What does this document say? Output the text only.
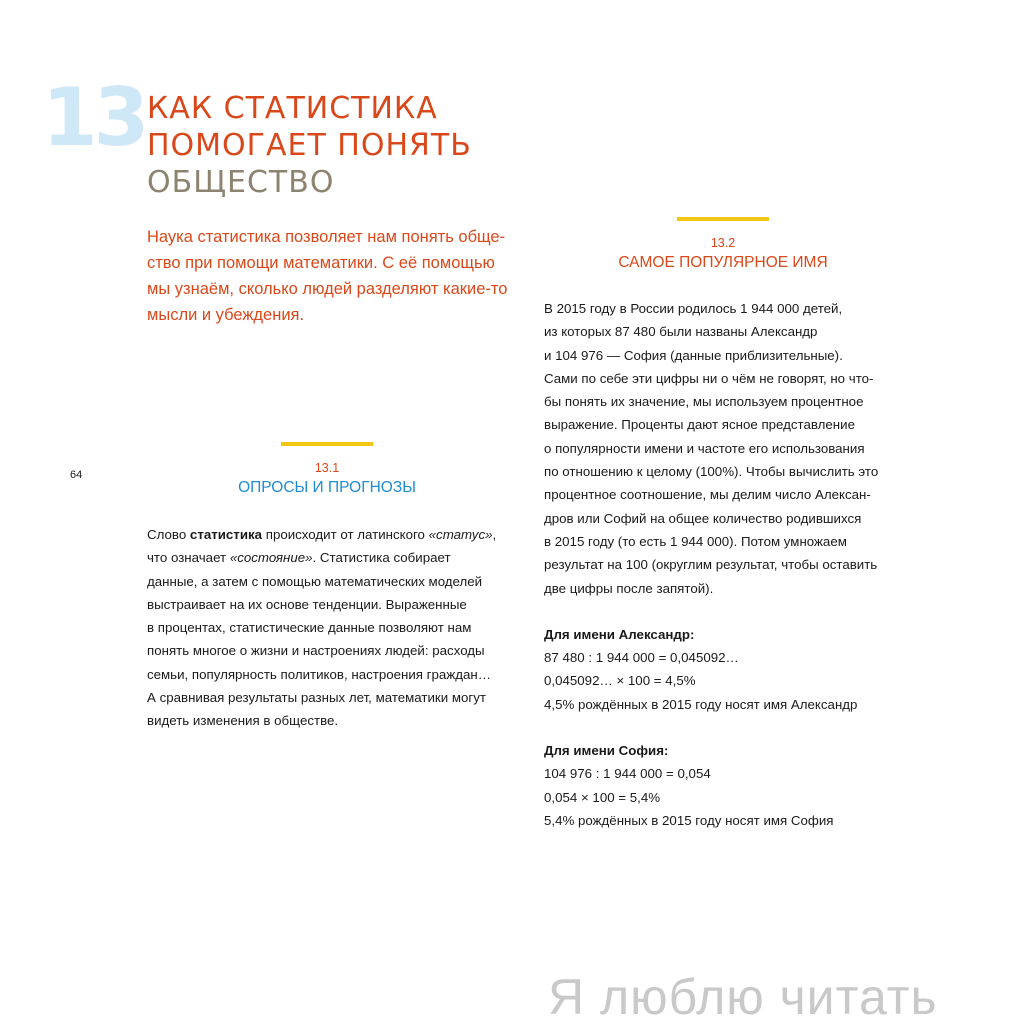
13 КАК СТАТИСТИКА
ПОМОГАЕТ ПОНЯТЬ
ОБЩЕСТВО
Наука статистика позволяет нам понять обще-
ство при помощи математики. С её помощью
мы узнаём, сколько людей разделяют какие-то
мысли и убеждения.
64	13.1
ОПРОСЫ И ПРОГНОЗЫ

Слово статистика происходит от латинского «статус»,

что означает «состояние». Статистика собирает

данные, а затем с помощью математических моделей

выстраивает на их основе тенденции. Выраженные

в процентах, статистические данные позволяют нам

понять многое о жизни и настроениях людей: расходы

семьи, популярность политиков, настроения граждан…

А сравнивая результаты разных лет, математики могут

видеть изменения в обществе.

13.2
САМОЕ ПОПУЛЯРНОЕ ИМЯ

В 2015 году в России родилось 1 944 000 детей,

из которых 87 480 были названы Александр

и 104 976 — София (данные приблизительные).

Сами по себе эти цифры ни о чём не говорят, но что-

бы понять их значение, мы используем процентное

выражение. Проценты дают ясное представление

о популярности имени и частоте его использования

по отношению к целому (100%). Чтобы вычислить это

процентное соотношение, мы делим число Алексан-

дров или Софий на общее количество родившихся

в 2015 году (то есть 1 944 000). Потом умножаем

результат на 100 (округлим результат, чтобы оставить

две цифры после запятой).

Для имени Александр:

87 480 : 1 944 000 = 0,045092…

0,045092… × 100 = 4,5%

4,5% рождённых в 2015 году носят имя Александр

Для имени София:

104 976 : 1 944 000 = 0,054

0,054 × 100 = 5,4%

5,4% рождённых в 2015 году носят имя София

Я люблю читать
